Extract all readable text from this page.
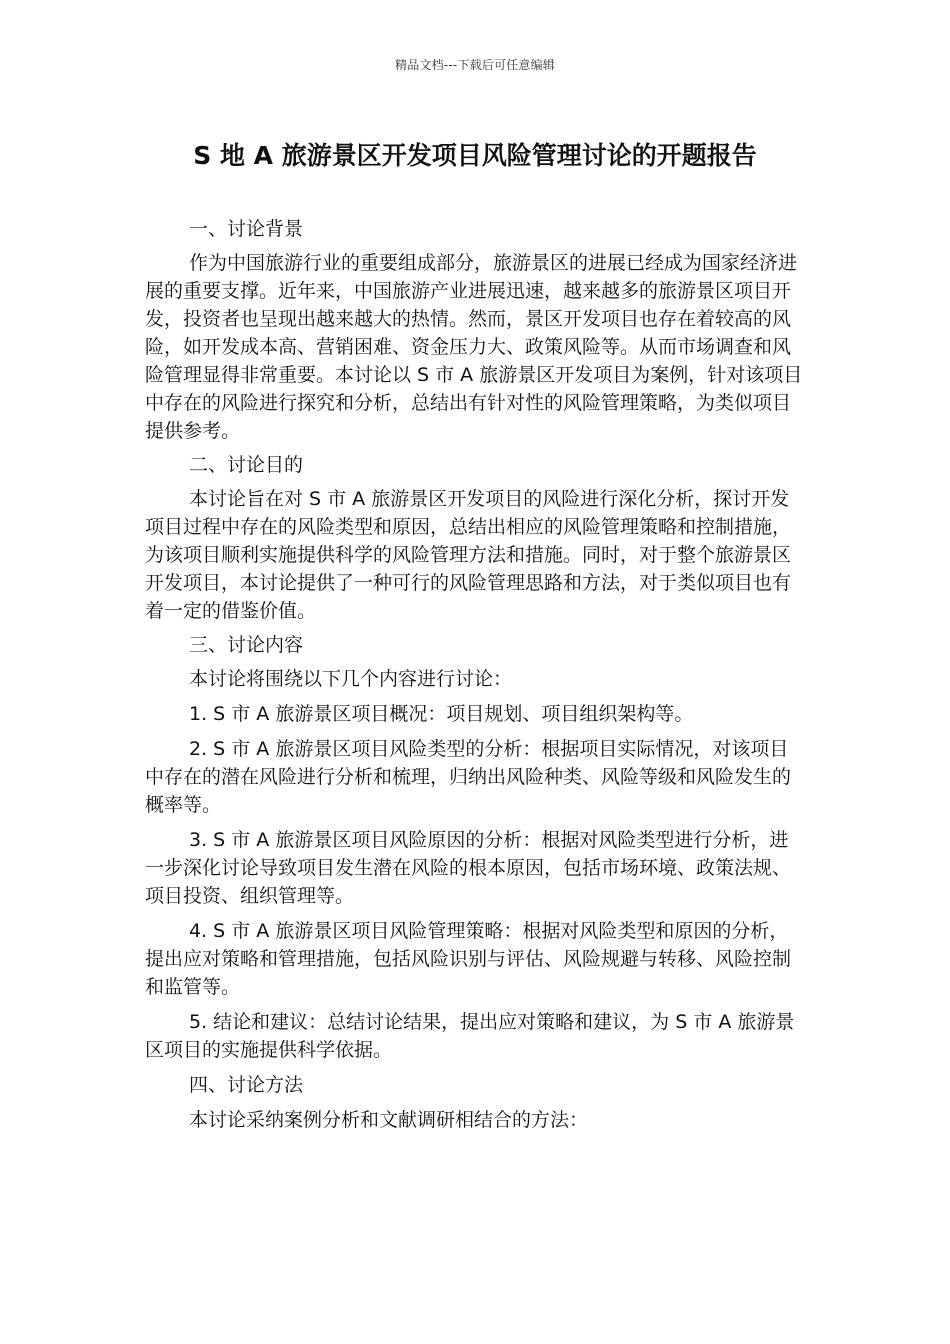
精品文档---下载后可任意编辑
S 地 A 旅游景区开发项目风险管理讨论的开题报告

一、讨论背景

作为中国旅游行业的重要组成部分，旅游景区的进展已经成为国家经济进展的重要支撑。近年来，中国旅游产业进展迅速，越来越多的旅游景区项目开发，投资者也呈现出越来越大的热情。然而，景区开发项目也存在着较高的风险，如开发成本高、营销困难、资金压力大、政策风险等。从而市场调查和风险管理显得非常重要。本讨论以 S 市 A 旅游景区开发项目为案例，针对该项目中存在的风险进行探究和分析，总结出有针对性的风险管理策略，为类似项目提供参考。

二、讨论目的

本讨论旨在对 S 市 A 旅游景区开发项目的风险进行深化分析，探讨开发项目过程中存在的风险类型和原因，总结出相应的风险管理策略和控制措施，为该项目顺利实施提供科学的风险管理方法和措施。同时，对于整个旅游景区开发项目，本讨论提供了一种可行的风险管理思路和方法，对于类似项目也有着一定的借鉴价值。

三、讨论内容

本讨论将围绕以下几个内容进行讨论：

1. S 市 A 旅游景区项目概况：项目规划、项目组织架构等。

2. S 市 A 旅游景区项目风险类型的分析：根据项目实际情况，对该项目中存在的潜在风险进行分析和梳理，归纳出风险种类、风险等级和风险发生的概率等。

3. S 市 A 旅游景区项目风险原因的分析：根据对风险类型进行分析，进一步深化讨论导致项目发生潜在风险的根本原因，包括市场环境、政策法规、项目投资、组织管理等。

4. S 市 A 旅游景区项目风险管理策略：根据对风险类型和原因的分析，提出应对策略和管理措施，包括风险识别与评估、风险规避与转移、风险控制和监管等。

5. 结论和建议：总结讨论结果，提出应对策略和建议，为 S 市 A 旅游景区项目的实施提供科学依据。

四、讨论方法

本讨论采纳案例分析和文献调研相结合的方法：
